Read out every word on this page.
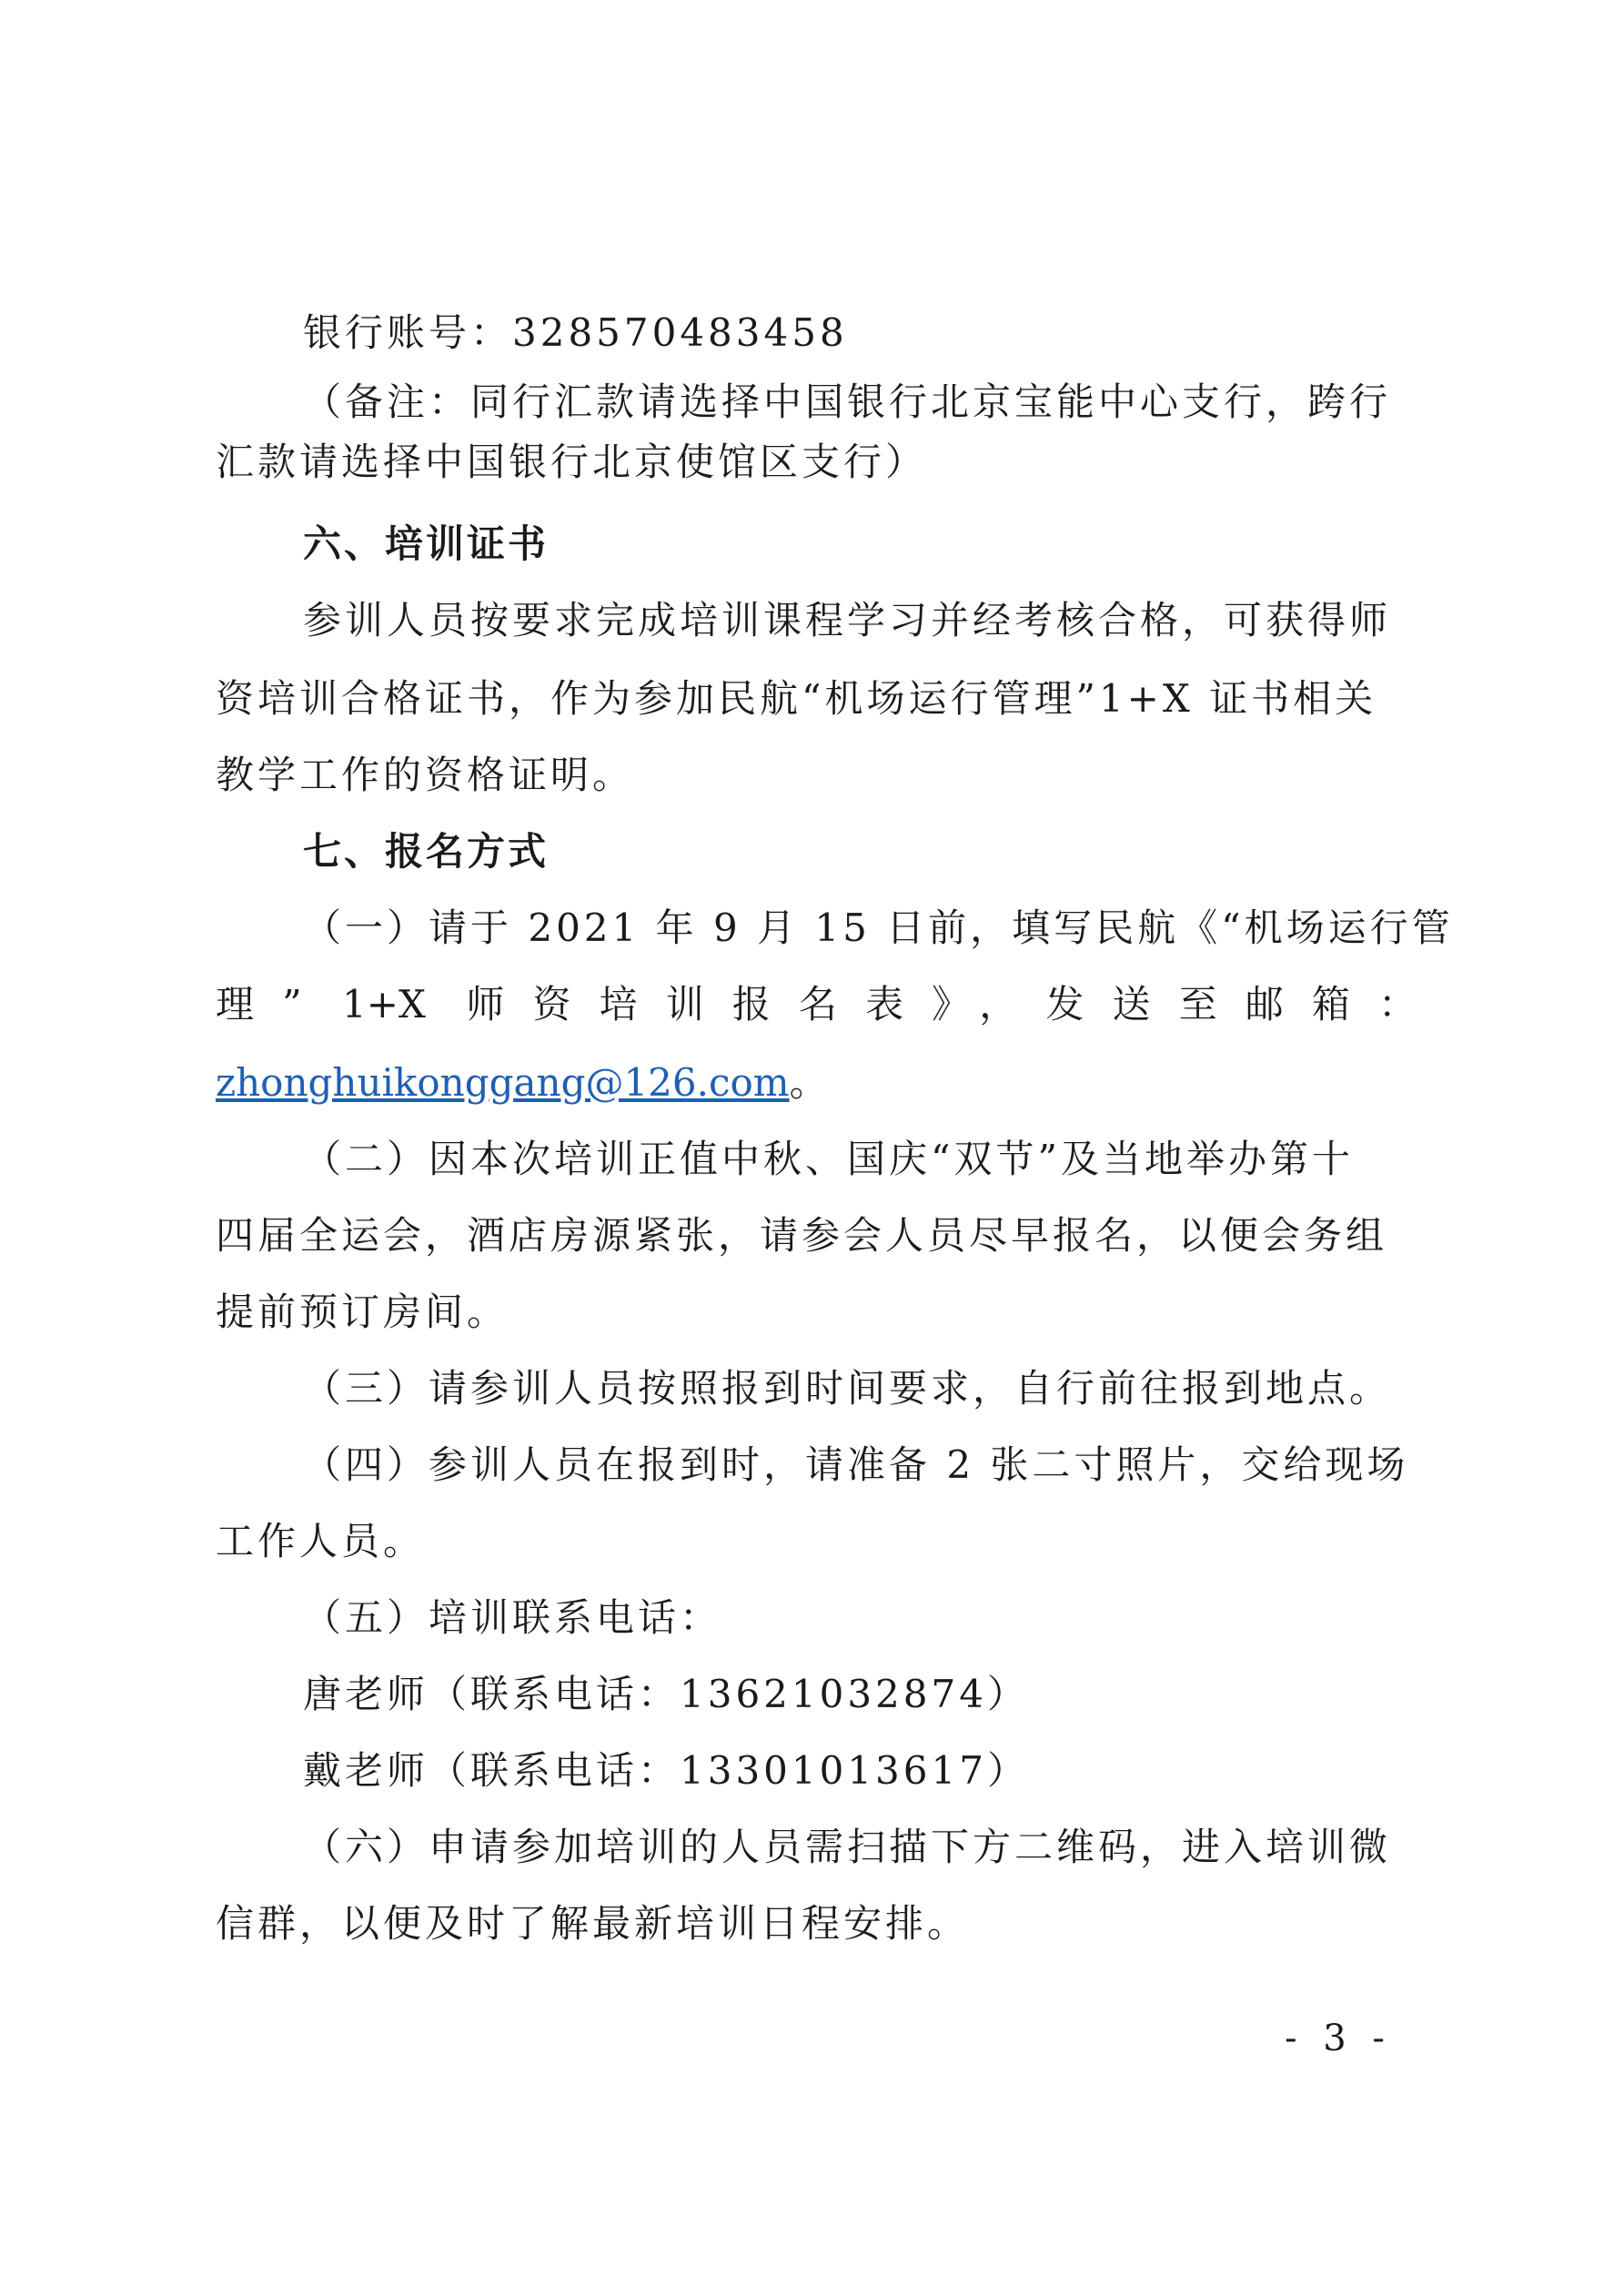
银行账号：328570483458
（备注：同行汇款请选择中国银行北京宝能中心支行，跨行
汇款请选择中国银行北京使馆区支行）
六、培训证书
参训人员按要求完成培训课程学习并经考核合格，可获得师
资培训合格证书，作为参加民航“机场运行管理”1+X 证书相关
教学工作的资格证明。
七、报名方式
（一）请于 2021 年 9 月 15 日前，填写民航《“机场运行管
理” 1+X 师资培训报名表》，发送至邮箱：
zhonghuikonggang@126.com。
（二）因本次培训正值中秋、国庆“双节”及当地举办第十
四届全运会，酒店房源紧张，请参会人员尽早报名，以便会务组
提前预订房间。
（三）请参训人员按照报到时间要求，自行前往报到地点。
（四）参训人员在报到时，请准备 2 张二寸照片，交给现场
工作人员。
（五）培训联系电话：
唐老师（联系电话：13621032874）
戴老师（联系电话：13301013617）
（六）申请参加培训的人员需扫描下方二维码，进入培训微
信群，以便及时了解最新培训日程安排。
- 3 -
